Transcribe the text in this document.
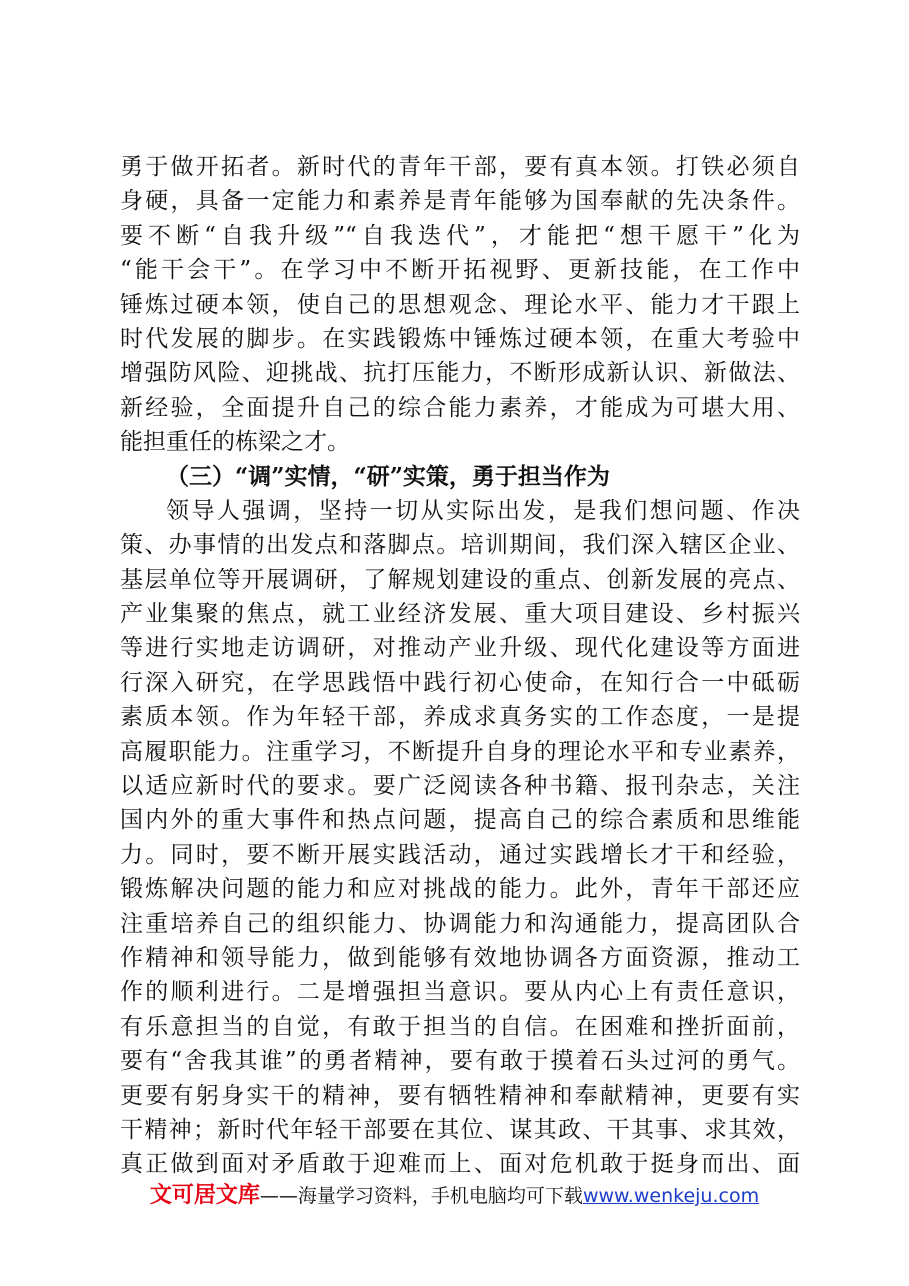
勇于做开拓者。新时代的青年干部，要有真本领。打铁必须自
身硬，具备一定能力和素养是青年能够为国奉献的先决条件。
要不断“自我升级”“自我迭代”，才能把“想干愿干”化为
“能干会干”。在学习中不断开拓视野、更新技能，在工作中
锤炼过硬本领，使自己的思想观念、理论水平、能力才干跟上
时代发展的脚步。在实践锻炼中锤炼过硬本领，在重大考验中
增强防风险、迎挑战、抗打压能力，不断形成新认识、新做法、
新经验，全面提升自己的综合能力素养，才能成为可堪大用、
能担重任的栋梁之才。
（三）“调”实情，“研”实策，勇于担当作为
领导人强调，坚持一切从实际出发，是我们想问题、作决
策、办事情的出发点和落脚点。培训期间，我们深入辖区企业、
基层单位等开展调研，了解规划建设的重点、创新发展的亮点、
产业集聚的焦点，就工业经济发展、重大项目建设、乡村振兴
等进行实地走访调研，对推动产业升级、现代化建设等方面进
行深入研究，在学思践悟中践行初心使命，在知行合一中砥砺
素质本领。作为年轻干部，养成求真务实的工作态度，一是提
高履职能力。注重学习，不断提升自身的理论水平和专业素养，
以适应新时代的要求。要广泛阅读各种书籍、报刊杂志，关注
国内外的重大事件和热点问题，提高自己的综合素质和思维能
力。同时，要不断开展实践活动，通过实践增长才干和经验，
锻炼解决问题的能力和应对挑战的能力。此外，青年干部还应
注重培养自己的组织能力、协调能力和沟通能力，提高团队合
作精神和领导能力，做到能够有效地协调各方面资源，推动工
作的顺利进行。二是增强担当意识。要从内心上有责任意识，
有乐意担当的自觉，有敢于担当的自信。在困难和挫折面前，
要有“舍我其谁”的勇者精神，要有敢于摸着石头过河的勇气。
更要有躬身实干的精神，要有牺牲精神和奉献精神，更要有实
干精神；新时代年轻干部要在其位、谋其政、干其事、求其效，
真正做到面对矛盾敢于迎难而上、面对危机敢于挺身而出、面
文可居文库——海量学习资料，手机电脑均可下载www.wenkeju.com
